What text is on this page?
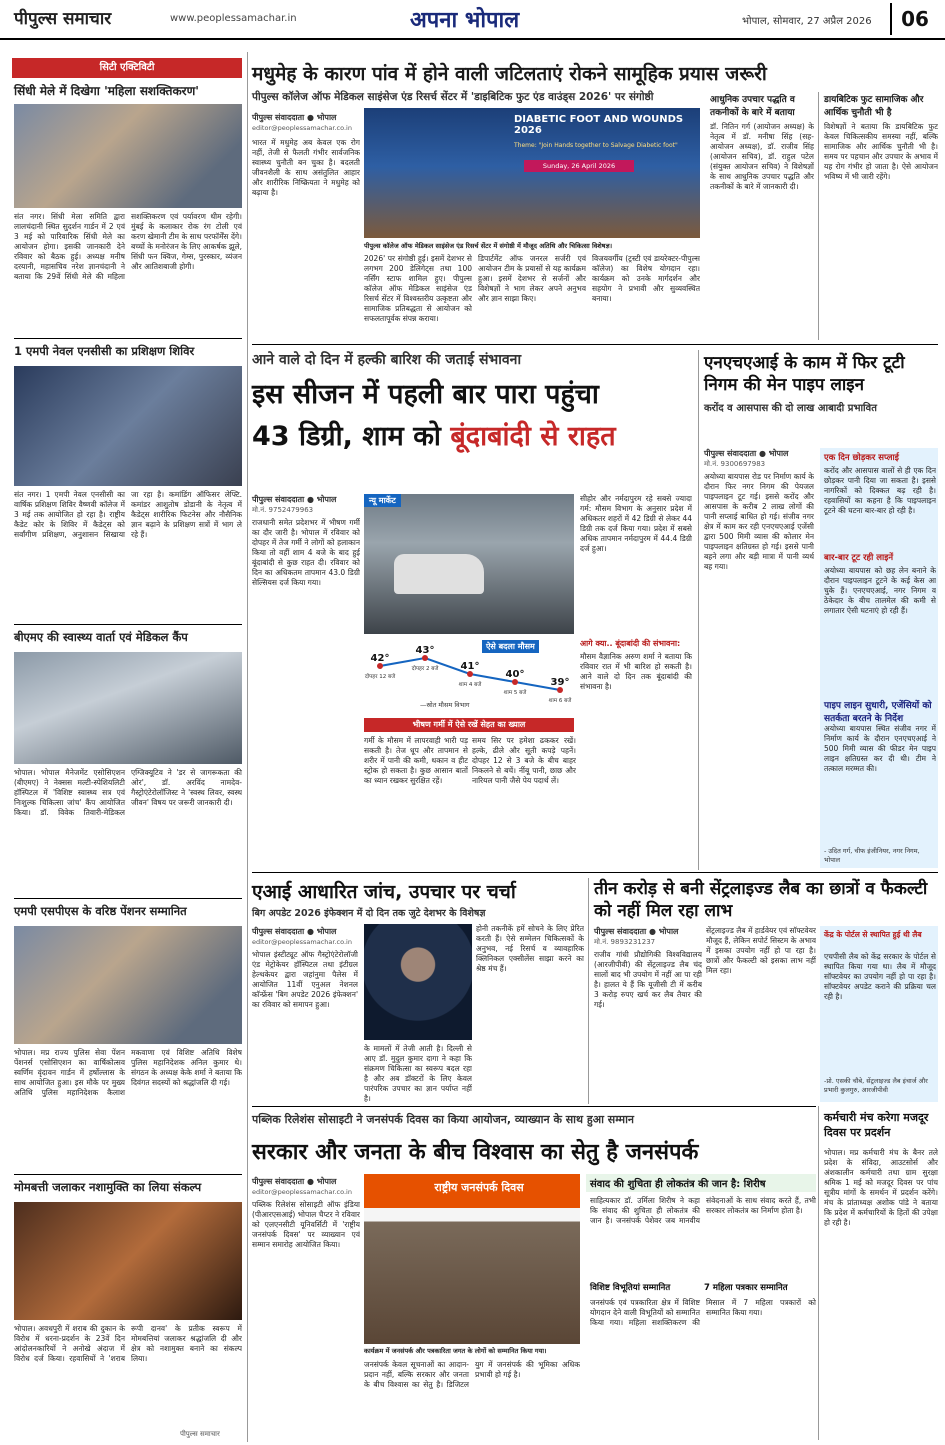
पीपुल्स समाचार	www.peoplessamachar.in	अपना भोपाल	भोपाल, सोमवार, 27 अप्रैल 2026	06
सिटी एक्टिविटी
सिंधी मेले में दिखेगा 'महिला सशक्तिकरण'
संत नगर। सिंधी मेला समिति द्वारा लालचंदानी स्थित सुदर्शन गार्डन में 2 एवं 3 मई को पारिवारिक सिंधी मेले का आयोजन होगा। इसकी जानकारी देने रविवार को बैठक हुई। अध्यक्ष मनीष दरयानी, महासचिव नरेश ज्ञानचंदानी ने बताया कि 29वें सिंधी मेले की महिला सशक्तिकरण एवं पर्यावरण थीम रहेगी। मुंबई के कलाकार रोक रंग टोली एवं करण खेमानी टीम के साथ परफॉर्मेंस देंगे। बच्चों के मनोरंजन के लिए आकर्षक झूले, सिंधी फन क्विज, गेम्स, पुरस्कार, व्यंजन और आतिशबाजी होगी।
1 एमपी नेवल एनसीसी का प्रशिक्षण शिविर
संत नगर। 1 एमपी नेवल एनसीसी का वार्षिक प्रशिक्षण शिविर वैष्णवी कॉलेज में 3 मई तक आयोजित हो रहा है। राष्ट्रीय कैडेट कोर के शिविर में कैडेट्स को सर्वांगीण प्रशिक्षण, अनुशासन सिखाया जा रहा है। कमांडिंग ऑफिसर लेफ्टि. कमांडर आशुतोष डोडानी के नेतृत्व में कैडेट्स शारीरिक फिटनेस और नौसैनिक ज्ञान बढ़ाने के प्रशिक्षण सत्रों में भाग ले रहे हैं।
बीएमए की स्वास्थ्य वार्ता एवं मेडिकल कैंप
भोपाल। भोपाल मैनेजमेंट एसोसिएशन (बीएमए) ने नेक्सस मल्टी-स्पेशियलिटी हॉस्पिटल में 'विशिष्ट स्वास्थ्य सत्र एवं निःशुल्क चिकित्सा जांच' कैंप आयोजित किया। डॉ. विवेक तिवारी-मेडिकल एग्जिक्यूटिव ने 'डर से जागरूकता की ओर', डॉ. अरविंद नामदेव-गैस्ट्रोएंटेरोलॉजिस्ट ने 'स्वस्थ लिवर, स्वस्थ जीवन' विषय पर जरूरी जानकारी दी।
एमपी एसपीएस के वरिष्ठ पेंशनर सम्मानित
भोपाल। मप्र राज्य पुलिस सेवा पेंशन पेंशनर्स एसोसिएशन का वार्षिकोत्सव स्वर्णिम वृंदावन गार्डन में हर्षोल्लास के साथ आयोजित हुआ। इस मौके पर मुख्य अतिथि पुलिस महानिदेशक कैलाश मकवाणा एवं विशिष्ट अतिथि विशेष पुलिस महानिदेशक अनिल कुमार थे। संगठन के अध्यक्ष केके शर्मा ने बताया कि दिवंगत सदस्यों को श्रद्धांजलि दी गई।
मोमबत्ती जलाकर नशामुक्ति का लिया संकल्प
भोपाल। अवधपुरी में शराब की दुकान के विरोध में धरना-प्रदर्शन के 23वें दिन आंदोलनकारियों ने अनोखे अंदाज में विरोध दर्ज किया। रहवासियों ने 'शराब रूपी दानव' के प्रतीक स्वरूप में मोमबत्तियां जलाकर श्रद्धांजलि दी और क्षेत्र को नशामुक्त बनाने का संकल्प लिया।
पीपुल्स समाचार
मधुमेह के कारण पांव में होने वाली जटिलताएं रोकने सामूहिक प्रयास जरूरी
पीपुल्स कॉलेज ऑफ मेडिकल साइंसेज एंड रिसर्च सेंटर में 'डाइबिटिक फुट एंड वाउंड्स 2026' पर संगोष्ठी
पीपुल्स संवाददाता ● भोपाल
editor@peoplessamachar.co.in
भारत में मधुमेह अब केवल एक रोग नहीं, तेजी से फैलती गंभीर सार्वजनिक स्वास्थ्य चुनौती बन चुका है। बदलती जीवनशैली के साथ असंतुलित आहार और शारीरिक निष्क्रियता ने मधुमेह को बढ़ाया है।
DIABETIC FOOT AND WOUNDS 2026
Theme: "Join Hands together to Salvage Diabetic foot"
Sunday, 26 April 2026
पीपुल्स कॉलेज ऑफ मेडिकल साइंसेज एंड रिसर्च सेंटर में संगोष्ठी में मौजूद अतिथि और चिकित्सा विशेषज्ञ।
2026' पर संगोष्ठी हुई। इसमें देशभर से लगभग 200 डेलिगेट्स तथा 100 नर्सिंग स्टाफ शामिल हुए। पीपुल्स कॉलेज ऑफ मेडिकल साइंसेज एंड रिसर्च सेंटर में विश्वस्तरीय उत्कृष्टता और सामाजिक प्रतिबद्धता से आयोजन को सफलतापूर्वक संपन्न कराया।
डिपार्टमेंट ऑफ जनरल सर्जरी एवं आयोजन टीम के प्रयासों से यह कार्यक्रम हुआ। इसमें देशभर से सर्जनों और विशेषज्ञों ने भाग लेकर अपने अनुभव और ज्ञान साझा किए।
विजयवर्गीय (ट्रस्टी एवं डायरेक्टर-पीपुल्स कॉलेज) का विशेष योगदान रहा। कार्यक्रम को उनके मार्गदर्शन और सहयोग ने प्रभावी और सुव्यवस्थित बनाया।
आधुनिक उपचार पद्धति व तकनीकों के बारे में बताया
डॉ. नितिन गर्ग (आयोजन अध्यक्ष) के नेतृत्व में डॉ. मनीषा सिंह (सह-आयोजन अध्यक्ष), डॉ. राजीव सिंह (आयोजन सचिव), डॉ. राहुल पटेल (संयुक्त आयोजन सचिव) ने विशेषज्ञों के साथ आधुनिक उपचार पद्धति और तकनीकों के बारे में जानकारी दी।
डायबिटिक फुट सामाजिक और आर्थिक चुनौती भी है
विशेषज्ञों ने बताया कि डायबिटिक फुट केवल चिकित्सकीय समस्या नहीं, बल्कि सामाजिक और आर्थिक चुनौती भी है। समय पर पहचान और उपचार के अभाव में यह रोग गंभीर हो जाता है। ऐसे आयोजन भविष्य में भी जारी रहेंगे।
आने वाले दो दिन में हल्की बारिश की जताई संभावना
इस सीजन में पहली बार पारा पहुंचा
43 डिग्री, शाम को बूंदाबांदी से राहत
पीपुल्स संवाददाता ● भोपाल
मो.नं. 9752479963
राजधानी समेत प्रदेशभर में भीषण गर्मी का दौर जारी है। भोपाल में रविवार को दोपहर में तेज गर्मी ने लोगों को हलाकान किया तो वहीं शाम 4 बजे के बाद हुई बूंदाबांदी से कुछ राहत दी। रविवार को दिन का अधिकतम तापमान 43.0 डिग्री सेल्सियस दर्ज किया गया।
न्यू मार्केट
42°
दोपहर 12 बजे
43°
दोपहर 2 बजे 41°
शाम 4 बजे
40°
शाम 5 बजे
39°
शाम 6 बजे
ऐसे बदला मौसम
—स्रोत मौसम विभाग
भीषण गर्मी में ऐसे रखें सेहत का ख्याल
गर्मी के मौसम में लापरवाही भारी पड़ सकती है। तेज धूप और तापमान से शरीर में पानी की कमी, थकान व हीट स्ट्रोक हो सकता है। कुछ आसान बातों का ध्यान रखकर सुरक्षित रहें।
समय सिर पर हमेशा ढककर रखें। हल्के, ढीले और सूती कपड़े पहनें। दोपहर 12 से 3 बजे के बीच बाहर निकलने से बचें। नींबू पानी, छाछ और नारियल पानी जैसे पेय पदार्थ लें।
सीहोर और नर्मदापुरम रहे सबसे ज्यादा गर्म: मौसम विभाग के अनुसार प्रदेश में अधिकतर शहरों में 42 डिग्री से लेकर 44 डिग्री तक दर्ज किया गया। प्रदेश में सबसे अधिक तापमान नर्मदापुरम में 44.4 डिग्री दर्ज हुआ।
आगे क्या.. बूंदाबांदी की संभावना:
मौसम वैज्ञानिक अरुण शर्मा ने बताया कि रविवार रात में भी बारिश हो सकती है। आने वाले दो दिन तक बूंदाबांदी की संभावना है।
एनएचएआई के काम में फिर टूटी निगम की मेन पाइप लाइन
करोंद व आसपास की दो लाख आबादी प्रभावित
पीपुल्स संवाददाता ● भोपाल
मो.नं. 9300697983
अयोध्या बायपास रोड पर निर्माण कार्य के दौरान फिर नगर निगम की पेयजल पाइपलाइन टूट गई। इससे करोंद और आसपास के करीब 2 लाख लोगों की पानी सप्लाई बाधित हो गई। संजीव नगर क्षेत्र में काम कर रही एनएचएआई एजेंसी द्वारा 500 मिमी व्यास की कोलार मेन पाइपलाइन क्षतिग्रस्त हो गई। इससे पानी बहने लगा और बड़ी मात्रा में पानी व्यर्थ बह गया।
एक दिन छोड़कर सप्लाई
करोंद और आसपास वालों से ही एक दिन छोड़कर पानी दिया जा सकता है। इससे नागरिकों को दिक्कत बढ़ रही है। रहवासियों का कहना है कि पाइपलाइन टूटने की घटना बार-बार हो रही है।
बार-बार टूट रही लाइनें
अयोध्या बायपास को छह लेन बनाने के दौरान पाइपलाइन टूटने के कई केस आ चुके हैं। एनएचएआई, नगर निगम व ठेकेदार के बीच तालमेल की कमी से लगातार ऐसी घटनाएं हो रही हैं।
पाइप लाइन सुधारी, एजेंसियों को सतर्कता बरतने के निर्देश
अयोध्या बायपास स्थित संजीव नगर में निर्माण कार्य के दौरान एनएचएआई ने 500 मिमी व्यास की फीडर मेन पाइप लाइन क्षतिग्रस्त कर दी थी। टीम ने तत्काल मरम्मत की।
- उदित गर्ग, चीफ इंजीनियर, नगर निगम, भोपाल
एआई आधारित जांच, उपचार पर चर्चा
बिग अपडेट 2026 इंफेक्शन में दो दिन तक जुटे देशभर के विशेषज्ञ
पीपुल्स संवाददाता ● भोपाल
editor@peoplessamachar.co.in
भोपाल इंस्टीट्यूट ऑफ गैस्ट्रोएंटेरोलॉजी एंड मेट्रोकेयर हॉस्पिटल तथा इंटीग्रल हेल्थकेयर द्वारा जहांनुमा पैलेस में आयोजित 11वीं एनुअल नेशनल कॉन्फ्रेंस 'बिग अपडेट 2026 इंफेक्शन' का रविवार को समापन हुआ।
के मामलों में तेजी आती है। दिल्ली से आए डॉ. मुदुल कुमार दागा ने कहा कि संक्रमण चिकित्सा का स्वरूप बदल रहा है और अब डॉक्टरों के लिए केवल पारंपरिक उपचार का ज्ञान पर्याप्त नहीं है।
होनी तकनीकें हमें सोचने के लिए प्रेरित करती हैं। ऐसे सम्मेलन चिकित्सकों के अनुभव, नई रिसर्च व व्यावहारिक क्लिनिकल एक्सीलेंस साझा करने का श्रेष्ठ मंच हैं।
तीन करोड़ से बनी सेंट्रलाइज्ड लैब का छात्रों व फैकल्टी को नहीं मिल रहा लाभ
पीपुल्स संवाददाता ● भोपाल
मो.नं. 9893231237
राजीव गांधी प्रौद्योगिकी विश्वविद्यालय (आरजीपीवी) की सेंट्रलाइज्ड लैब चंद सालों बाद भी उपयोग में नहीं आ पा रही है। हालत ये हैं कि यूजीसी टी में करीब 3 करोड़ रुपए खर्च कर लैब तैयार की गई।
सेंट्रलाइज्ड लैब में हार्डवेयर एवं सॉफ्टवेयर मौजूद हैं, लेकिन सपोर्ट सिस्टम के अभाव में इसका उपयोग नहीं हो पा रहा है। छात्रों और फैकल्टी को इसका लाभ नहीं मिल रहा।
केंद्र के पोर्टल से स्थापित हुई थी लैब
एचपीसी लैब को केंद्र सरकार के पोर्टल से स्थापित किया गया था। लैब में मौजूद सॉफ्टवेयर का उपयोग नहीं हो पा रहा है। सॉफ्टवेयर अपडेट कराने की प्रक्रिया चल रही है।
-प्रो. एसकी चौबे, सेंट्रलाइज्ड लैब इंचार्ज और प्रभारी कुलगुरु, आरजीपीवी
पब्लिक रिलेशंस सोसाइटी ने जनसंपर्क दिवस का किया आयोजन, व्याख्यान के साथ हुआ सम्मान
सरकार और जनता के बीच विश्वास का सेतु है जनसंपर्क
पीपुल्स संवाददाता ● भोपाल
editor@peoplessamachar.co.in
पब्लिक रिलेशंस सोसाइटी ऑफ इंडिया (पीआरएसआई) भोपाल चैप्टर ने रविवार को एलएनसीटी यूनिवर्सिटी में 'राष्ट्रीय जनसंपर्क दिवस' पर व्याख्यान एवं सम्मान समारोह आयोजित किया।
राष्ट्रीय जनसंपर्क दिवस
कार्यक्रम में जनसंपर्क और पत्रकारिता जगत के लोगों को सम्मानित किया गया।
जनसंपर्क केवल सूचनाओं का आदान-प्रदान नहीं, बल्कि सरकार और जनता के बीच विश्वास का सेतु है। डिजिटल युग में जनसंपर्क की भूमिका अधिक प्रभावी हो गई है।
संवाद की शुचिता ही लोकतंत्र की जान है: शिरीष
साहित्यकार डॉ. उर्मिला शिरीष ने कहा कि संवाद की शुचिता ही लोकतंत्र की जान है। जनसंपर्क पेशेवर जब मानवीय संवेदनाओं के साथ संवाद करते हैं, तभी सरकार लोकतंत्र का निर्माण होता है।
विशिष्ट विभूतियां सम्मानित	7 महिला पत्रकार सम्मानित
जनसंपर्क एवं पत्रकारिता क्षेत्र में विशिष्ट योगदान देने वाली विभूतियों को सम्मानित किया गया। महिला सशक्तिकरण की मिसाल में 7 महिला पत्रकारों को सम्मानित किया गया।
कर्मचारी मंच करेगा मजदूर दिवस पर प्रदर्शन
भोपाल। मप्र कर्मचारी मंच के बैनर तले प्रदेश के संविदा, आउटसोर्स और अंशकालीन कर्मचारी तथा ग्राम सुरक्षा श्रमिक 1 मई को मजदूर दिवस पर पांच सूत्रीय मांगों के समर्थन में प्रदर्शन करेंगे। मंच के प्रांताध्यक्ष अशोक पांडे ने बताया कि प्रदेश में कर्मचारियों के हितों की उपेक्षा हो रही है।
